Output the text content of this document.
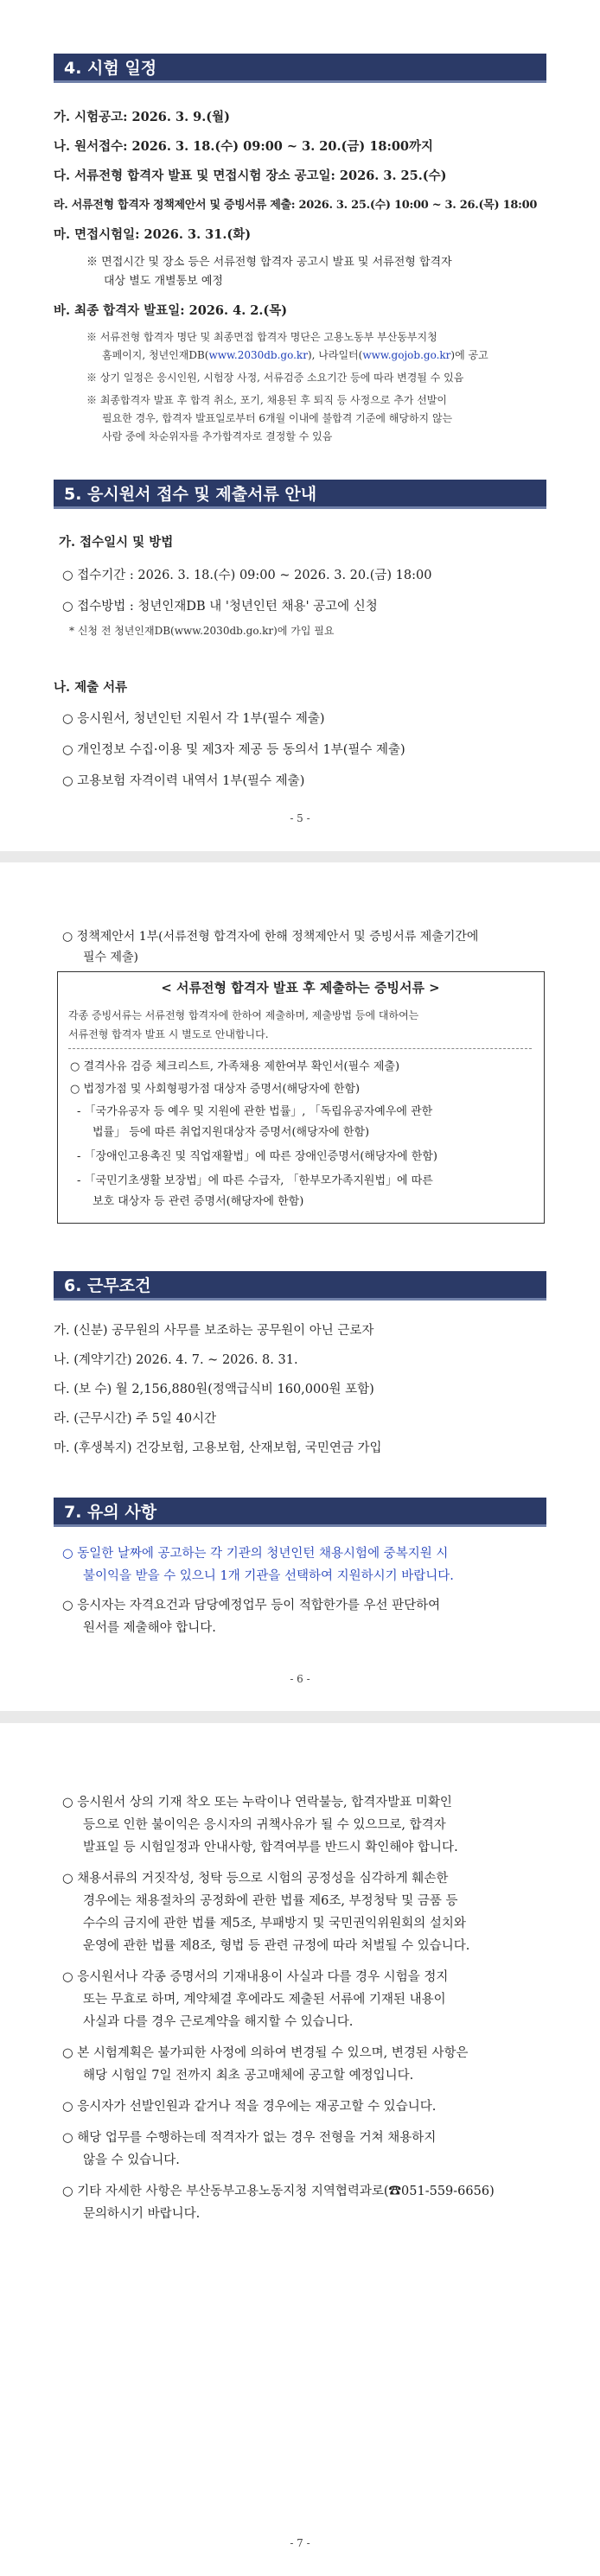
4. 시험 일정
가. 시험공고: 2026. 3. 9.(월)
나. 원서접수: 2026. 3. 18.(수) 09:00 ~ 3. 20.(금) 18:00까지
다. 서류전형 합격자 발표 및 면접시험 장소 공고일: 2026. 3. 25.(수)
라. 서류전형 합격자 정책제안서 및 증빙서류 제출: 2026. 3. 25.(수) 10:00 ~ 3. 26.(목) 18:00
마. 면접시험일: 2026. 3. 31.(화)
※ 면접시간 및 장소 등은 서류전형 합격자 공고시 발표 및 서류전형 합격자
대상 별도 개별통보 예정
바. 최종 합격자 발표일: 2026. 4. 2.(목)
※ 서류전형 합격자 명단 및 최종면접 합격자 명단은 고용노동부 부산동부지청
홈페이지, 청년인재DB(www.2030db.go.kr), 나라일터(www.gojob.go.kr)에 공고
※ 상기 일정은 응시인원, 시험장 사정, 서류검증 소요기간 등에 따라 변경될 수 있음
※ 최종합격자 발표 후 합격 취소, 포기, 채용된 후 퇴직 등 사정으로 추가 선발이
필요한 경우, 합격자 발표일로부터 6개월 이내에 불합격 기준에 해당하지 않는
사람 중에 차순위자를 추가합격자로 결정할 수 있음
5. 응시원서 접수 및 제출서류 안내
가. 접수일시 및 방법
○ 접수기간 : 2026. 3. 18.(수) 09:00 ~ 2026. 3. 20.(금) 18:00
○ 접수방법 : 청년인재DB 내 '청년인턴 채용' 공고에 신청
* 신청 전 청년인재DB(www.2030db.go.kr)에 가입 필요
나. 제출 서류
○ 응시원서, 청년인턴 지원서 각 1부(필수 제출)
○ 개인정보 수집·이용 및 제3자 제공 등 동의서 1부(필수 제출)
○ 고용보험 자격이력 내역서 1부(필수 제출)
- 5 -
○ 정책제안서 1부(서류전형 합격자에 한해 정책제안서 및 증빙서류 제출기간에
필수 제출)
< 서류전형 합격자 발표 후 제출하는 증빙서류 >
각종 증빙서류는 서류전형 합격자에 한하여 제출하며, 제출방법 등에 대하여는
서류전형 합격자 발표 시 별도로 안내합니다.
○ 결격사유 검증 체크리스트, 가족채용 제한여부 확인서(필수 제출)
○ 법정가점 및 사회형평가점 대상자 증명서(해당자에 한함)
- 「국가유공자 등 예우 및 지원에 관한 법률」, 「독립유공자예우에 관한
법률」 등에 따른 취업지원대상자 증명서(해당자에 한함)
- 「장애인고용촉진 및 직업재활법」에 따른 장애인증명서(해당자에 한함)
- 「국민기초생활 보장법」에 따른 수급자, 「한부모가족지원법」에 따른
보호 대상자 등 관련 증명서(해당자에 한함)
6. 근무조건
가. (신분) 공무원의 사무를 보조하는 공무원이 아닌 근로자
나. (계약기간) 2026. 4. 7. ~ 2026. 8. 31.
다. (보 수) 월 2,156,880원(정액급식비 160,000원 포함)
라. (근무시간) 주 5일 40시간
마. (후생복지) 건강보험, 고용보험, 산재보험, 국민연금 가입
7. 유의 사항
○ 동일한 날짜에 공고하는 각 기관의 청년인턴 채용시험에 중복지원 시
불이익을 받을 수 있으니 1개 기관을 선택하여 지원하시기 바랍니다.
○ 응시자는 자격요건과 담당예정업무 등이 적합한가를 우선 판단하여
원서를 제출해야 합니다.
- 6 -
○ 응시원서 상의 기재 착오 또는 누락이나 연락불능, 합격자발표 미확인
등으로 인한 불이익은 응시자의 귀책사유가 될 수 있으므로, 합격자
발표일 등 시험일정과 안내사항, 합격여부를 반드시 확인해야 합니다.
○ 채용서류의 거짓작성, 청탁 등으로 시험의 공정성을 심각하게 훼손한
경우에는 채용절차의 공정화에 관한 법률 제6조, 부정청탁 및 금품 등
수수의 금지에 관한 법률 제5조, 부패방지 및 국민권익위원회의 설치와
운영에 관한 법률 제8조, 형법 등 관련 규정에 따라 처벌될 수 있습니다.
○ 응시원서나 각종 증명서의 기재내용이 사실과 다를 경우 시험을 정지
또는 무효로 하며, 계약체결 후에라도 제출된 서류에 기재된 내용이
사실과 다를 경우 근로계약을 해지할 수 있습니다.
○ 본 시험계획은 불가피한 사정에 의하여 변경될 수 있으며, 변경된 사항은
해당 시험일 7일 전까지 최초 공고매체에 공고할 예정입니다.
○ 응시자가 선발인원과 같거나 적을 경우에는 재공고할 수 있습니다.
○ 해당 업무를 수행하는데 적격자가 없는 경우 전형을 거쳐 채용하지
않을 수 있습니다.
○ 기타 자세한 사항은 부산동부고용노동지청 지역협력과로(☎051-559-6656)
문의하시기 바랍니다.
- 7 -
